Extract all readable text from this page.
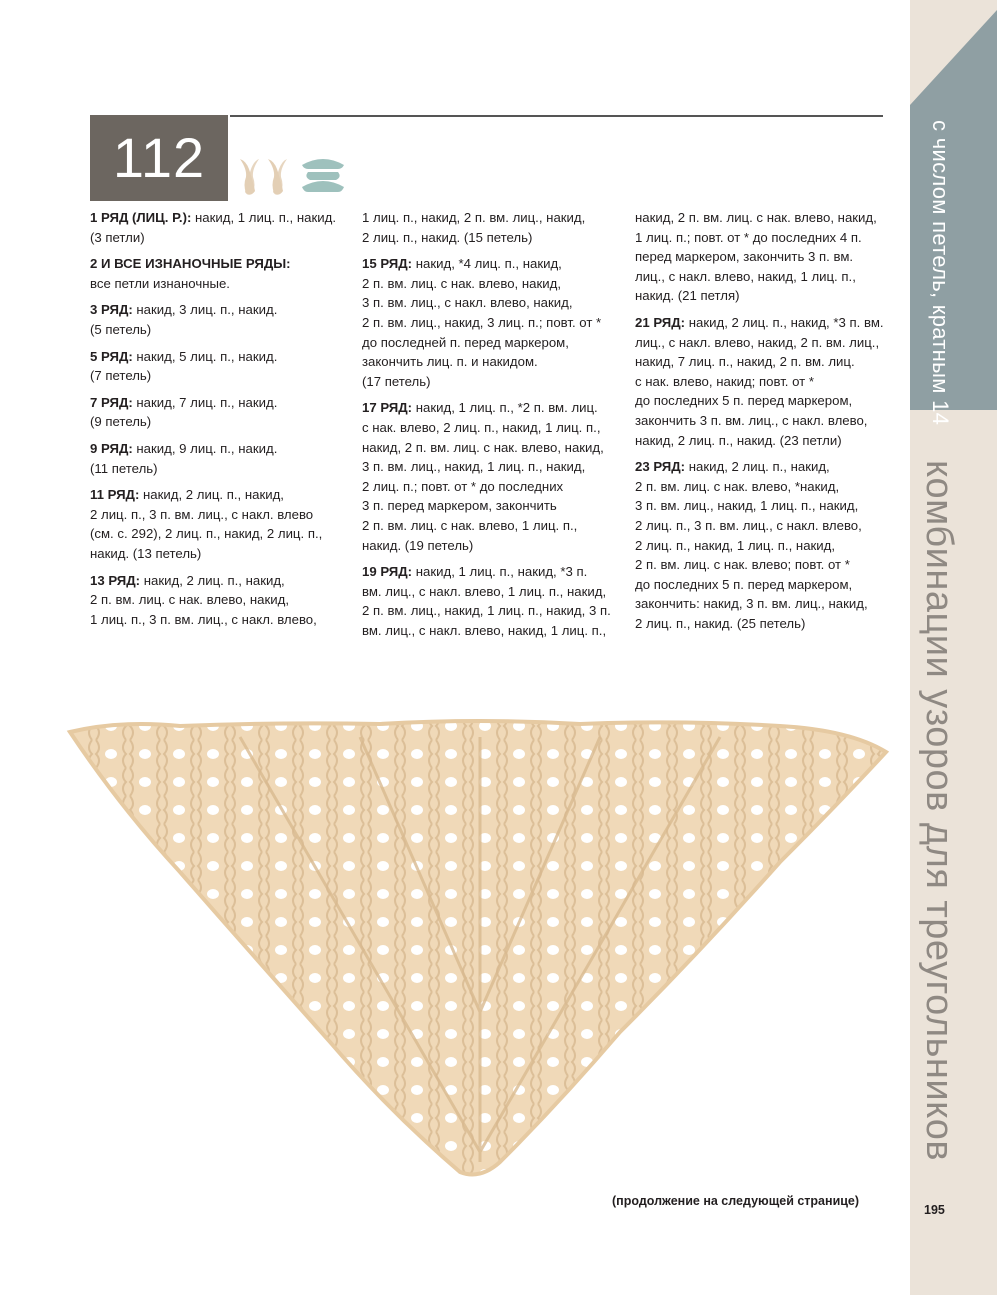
с числом петель, кратным 14
комбинации узоров для треугольников
112
1 РЯД (ЛИЦ. Р.): накид, 1 лиц. п., накид.
(3 петли)
2 И ВСЕ ИЗНАНОЧНЫЕ РЯДЫ:
все петли изнаночные.
3 РЯД: накид, 3 лиц. п., накид.
(5 петель)
5 РЯД: накид, 5 лиц. п., накид.
(7 петель)
7 РЯД: накид, 7 лиц. п., накид.
(9 петель)
9 РЯД: накид, 9 лиц. п., накид.
(11 петель)
11 РЯД: накид, 2 лиц. п., накид,
2 лиц. п., 3 п. вм. лиц., с накл. влево
(см. с. 292), 2 лиц. п., накид, 2 лиц. п.,
накид. (13 петель)
13 РЯД: накид, 2 лиц. п., накид,
2 п. вм. лиц. с нак. влево, накид,
1 лиц. п., 3 п. вм. лиц., с накл. влево,
1 лиц. п., накид, 2 п. вм. лиц., накид,
2 лиц. п., накид. (15 петель)
15 РЯД: накид, *4 лиц. п., накид,
2 п. вм. лиц. с нак. влево, накид,
3 п. вм. лиц., с накл. влево, накид,
2 п. вм. лиц., накид, 3 лиц. п.; повт. от *
до последней п. перед маркером,
закончить лиц. п. и накидом.
(17 петель)
17 РЯД: накид, 1 лиц. п., *2 п. вм. лиц.
с нак. влево, 2 лиц. п., накид, 1 лиц. п.,
накид, 2 п. вм. лиц. с нак. влево, накид,
3 п. вм. лиц., накид, 1 лиц. п., накид,
2 лиц. п.; повт. от * до последних
3 п. перед маркером, закончить
2 п. вм. лиц. с нак. влево, 1 лиц. п.,
накид. (19 петель)
19 РЯД: накид, 1 лиц. п., накид, *3 п.
вм. лиц., с накл. влево, 1 лиц. п., накид,
2 п. вм. лиц., накид, 1 лиц. п., накид, 3 п.
вм. лиц., с накл. влево, накид, 1 лиц. п.,
накид, 2 п. вм. лиц. с нак. влево, накид,
1 лиц. п.; повт. от * до последних 4 п.
перед маркером, закончить 3 п. вм.
лиц., с накл. влево, накид, 1 лиц. п.,
накид. (21 петля)
21 РЯД: накид, 2 лиц. п., накид, *3 п. вм.
лиц., с накл. влево, накид, 2 п. вм. лиц.,
накид, 7 лиц. п., накид, 2 п. вм. лиц.
с нак. влево, накид; повт. от *
до последних 5 п. перед маркером,
закончить 3 п. вм. лиц., с накл. влево,
накид, 2 лиц. п., накид. (23 петли)
23 РЯД: накид, 2 лиц. п., накид,
2 п. вм. лиц. с нак. влево, *накид,
3 п. вм. лиц., накид, 1 лиц. п., накид,
2 лиц. п., 3 п. вм. лиц., с накл. влево,
2 лиц. п., накид, 1 лиц. п., накид,
2 п. вм. лиц. с нак. влево; повт. от *
до последних 5 п. перед маркером,
закончить: накид, 3 п. вм. лиц., накид,
2 лиц. п., накид. (25 петель)
(продолжение на следующей странице)
195
